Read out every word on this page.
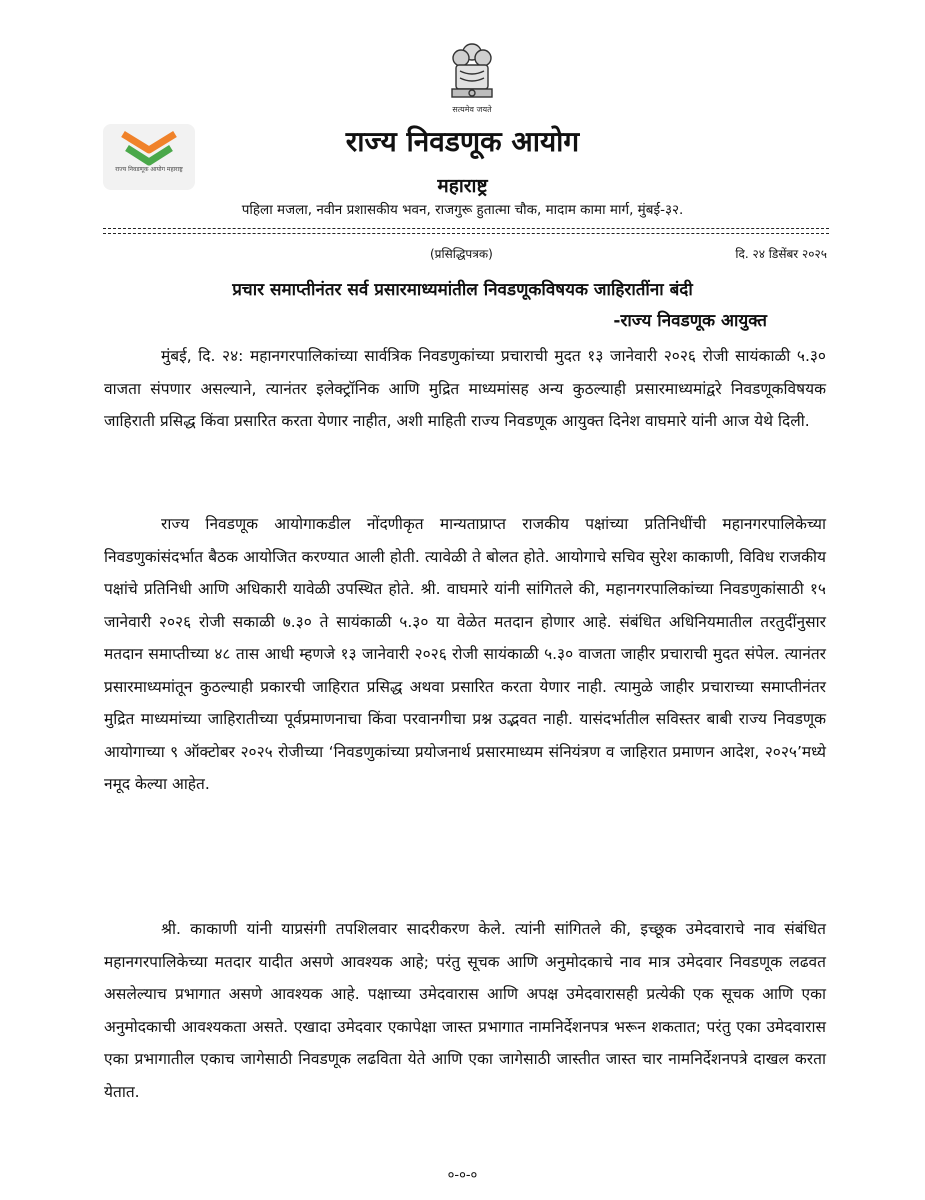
सत्यमेव जयते
राज्य निवडणूक आयोग महाराष्ट्र
राज्य निवडणूक आयोग
महाराष्ट्र
पहिला मजला, नवीन प्रशासकीय भवन, राजगुरू हुतात्मा चौक, मादाम कामा मार्ग, मुंबई-३२.
(प्रसिद्धिपत्रक)	दि. २४ डिसेंबर २०२५
प्रचार समाप्तीनंतर सर्व प्रसारमाध्यमांतील निवडणूकविषयक जाहिरातींना बंदी
-राज्य निवडणूक आयुक्त

मुंबई, दि. २४: महानगरपालिकांच्या सार्वत्रिक निवडणुकांच्या प्रचाराची मुदत १३ जानेवारी २०२६ रोजी सायंकाळी ५.३० वाजता संपणार असल्याने, त्यानंतर इलेक्ट्रॉनिक आणि मुद्रित माध्यमांसह अन्य कुठल्याही प्रसारमाध्यमांद्वरे निवडणूकविषयक जाहिराती प्रसिद्ध किंवा प्रसारित करता येणार नाहीत, अशी माहिती राज्य निवडणूक आयुक्त दिनेश वाघमारे यांनी आज येथे दिली.

राज्य निवडणूक आयोगाकडील नोंदणीकृत मान्यताप्राप्त राजकीय पक्षांच्या प्रतिनिधींची महानगरपालिकेच्या निवडणुकांसंदर्भात बैठक आयोजित करण्यात आली होती. त्यावेळी ते बोलत होते. आयोगाचे सचिव सुरेश काकाणी, विविध राजकीय पक्षांचे प्रतिनिधी आणि अधिकारी यावेळी उपस्थित होते. श्री. वाघमारे यांनी सांगितले की, महानगरपालिकांच्या निवडणुकांसाठी १५ जानेवारी २०२६ रोजी सकाळी ७.३० ते सायंकाळी ५.३० या वेळेत मतदान होणार आहे. संबंधित अधिनियमातील तरतुदींनुसार मतदान समाप्तीच्या ४८ तास आधी म्हणजे १३ जानेवारी २०२६ रोजी सायंकाळी ५.३० वाजता जाहीर प्रचाराची मुदत संपेल. त्यानंतर प्रसारमाध्यमांतून कुठल्याही प्रकारची जाहिरात प्रसिद्ध अथवा प्रसारित करता येणार नाही. त्यामुळे जाहीर प्रचाराच्या समाप्तीनंतर मुद्रित माध्यमांच्या जाहिरातीच्या पूर्वप्रमाणनाचा किंवा परवानगीचा प्रश्न उद्भवत नाही. यासंदर्भातील सविस्तर बाबी राज्य निवडणूक आयोगाच्या ९ ऑक्टोबर २०२५ रोजीच्या ‘निवडणुकांच्या प्रयोजनार्थ प्रसारमाध्यम संनियंत्रण व जाहिरात प्रमाणन आदेश, २०२५’मध्ये नमूद केल्या आहेत.

श्री. काकाणी यांनी याप्रसंगी तपशिलवार सादरीकरण केले. त्यांनी सांगितले की, इच्छूक उमेदवाराचे नाव संबंधित महानगरपालिकेच्या मतदार यादीत असणे आवश्यक आहे; परंतु सूचक आणि अनुमोदकाचे नाव मात्र उमेदवार निवडणूक लढवत असलेल्याच प्रभागात असणे आवश्यक आहे. पक्षाच्या उमेदवारास आणि अपक्ष उमेदवारासही प्रत्येकी एक सूचक आणि एका अनुमोदकाची आवश्यकता असते. एखादा उमेदवार एकापेक्षा जास्त प्रभागात नामनिर्देशनपत्र भरून शकतात; परंतु एका उमेदवारास एका प्रभागातील एकाच जागेसाठी निवडणूक लढविता येते आणि एका जागेसाठी जास्तीत जास्त चार नामनिर्देशनपत्रे दाखल करता येतात.

०-०-०
